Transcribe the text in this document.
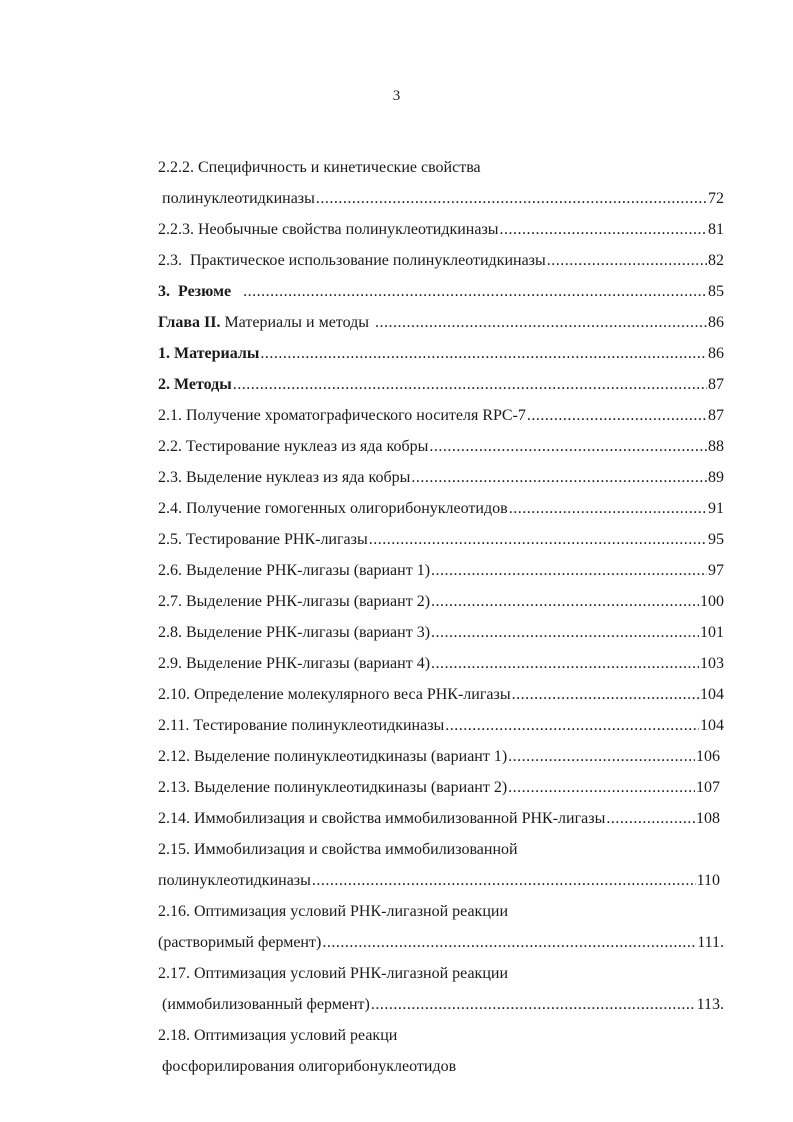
3
2.2.2. Специфичность и кинетические свойства
полинуклеотидкиназы .....	72
2.2.3. Необычные свойства полинуклеотидкиназы .....	81
2.3.  Практическое использование полинуклеотидкиназы .....	82
3.  Резюме .....	85
Глава II. Материалы и методы .....	86
1. Материалы .....	86
2. Методы .....	87
2.1. Получение хроматографического носителя RPC-7 .....	87
2.2. Тестирование нуклеаз из яда кобры .....	88
2.3. Выделение нуклеаз из яда кобры .....	89
2.4. Получение гомогенных олигорибонуклеотидов .....	91
2.5. Тестирование РНК-лигазы .....	95
2.6. Выделение РНК-лигазы (вариант 1) .....	97
2.7. Выделение РНК-лигазы (вариант 2) .....	100
2.8. Выделение РНК-лигазы (вариант 3) .....	101
2.9. Выделение РНК-лигазы (вариант 4) .....	103
2.10. Определение молекулярного веса РНК-лигазы .....	104
2.11. Тестирование полинуклеотидкиназы .....	104
2.12. Выделение полинуклеотидкиназы (вариант 1) .....	106
2.13. Выделение полинуклеотидкиназы (вариант 2) .....	107
2.14. Иммобилизация и свойства иммобилизованной РНК-лигазы .....	108
2.15. Иммобилизация и свойства иммобилизованной
полинуклеотидкиназы .....	110
2.16. Оптимизация условий РНК-лигазной реакции
(растворимый фермент) .....	111.
2.17. Оптимизация условий РНК-лигазной реакции
(иммобилизованный фермент) .....	113.
2.18. Оптимизация условий реакци
фосфорилирования олигорибонуклеотидов
